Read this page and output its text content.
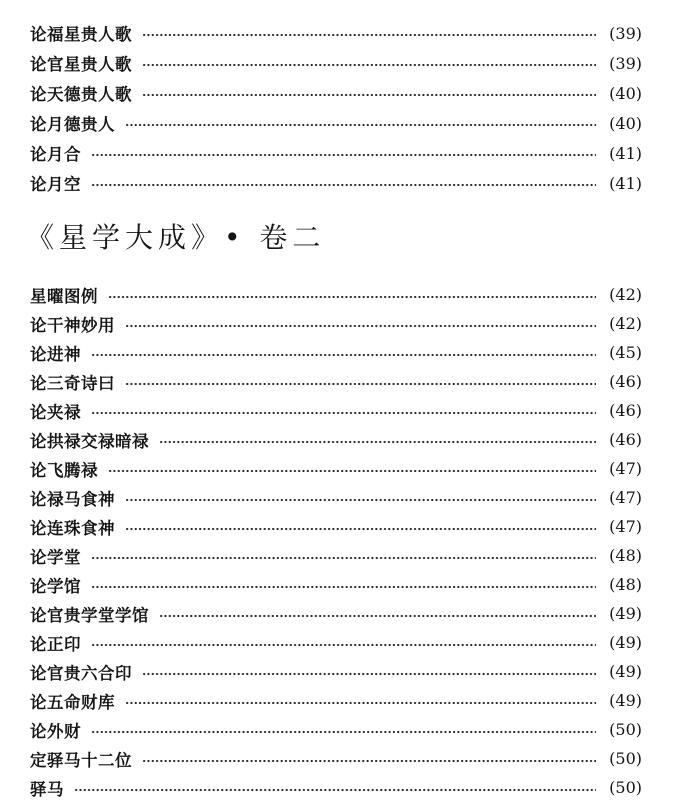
论福星贵人歌	(39)
论官星贵人歌	(39)
论天德贵人歌	(40)
论月德贵人	(40)
论月合	(41)
论月空	(41)
《星学大成》• 卷二
星曜图例	(42)
论干神妙用	(42)
论进神	(45)
论三奇诗曰	(46)
论夹禄	(46)
论拱禄交禄暗禄	(46)
论飞腾禄	(47)
论禄马食神	(47)
论连珠食神	(47)
论学堂	(48)
论学馆	(48)
论官贵学堂学馆	(49)
论正印	(49)
论官贵六合印	(49)
论五命财库	(49)
论外财	(50)
定驿马十二位	(50)
驿马	(50)
